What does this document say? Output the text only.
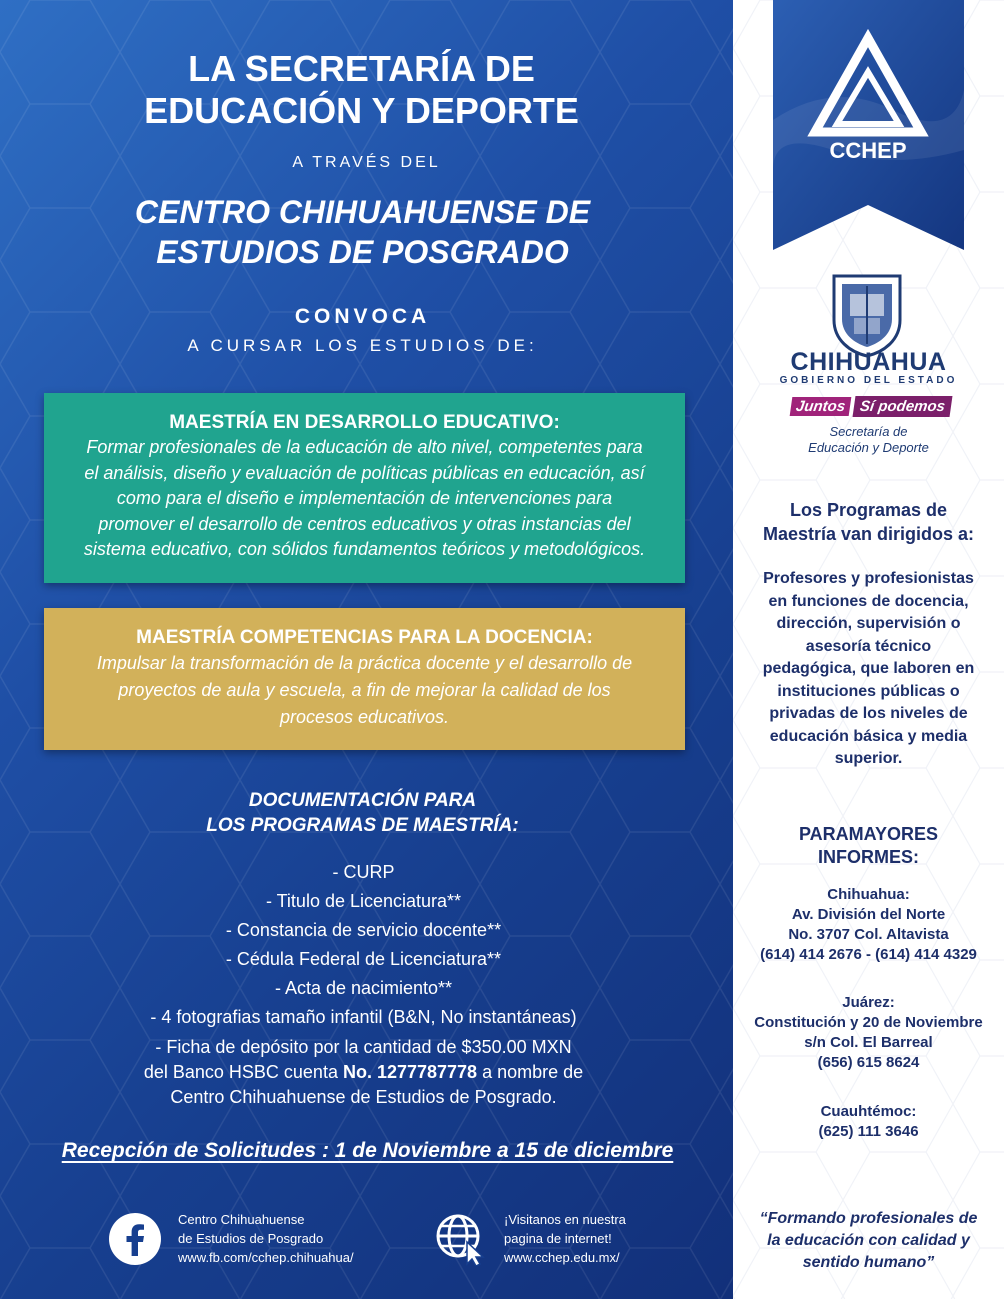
LA SECRETARÍA DE
EDUCACIÓN Y DEPORTE
A TRAVÉS DEL
CENTRO CHIHUAHUENSE DE
ESTUDIOS DE POSGRADO
CONVOCA
A CURSAR LOS ESTUDIOS DE:
MAESTRÍA EN DESARROLLO EDUCATIVO:

Formar profesionales de la educación de alto nivel, competentes para

el análisis, diseño y evaluación de políticas públicas en educación, así

como para el diseño e implementación de intervenciones para

promover el desarrollo de centros educativos y otras instancias del

sistema educativo, con sólidos fundamentos teóricos y metodológicos.

MAESTRÍA COMPETENCIAS PARA LA DOCENCIA:

Impulsar la transformación de la práctica docente y el desarrollo de

proyectos de aula y escuela, a fin de mejorar la calidad de los

procesos educativos.

DOCUMENTACIÓN PARA
LOS PROGRAMAS DE MAESTRÍA:
- CURP
- Titulo de Licenciatura**
- Constancia de servicio docente**
- Cédula Federal de Licenciatura**
- Acta de nacimiento**
- 4 fotografias tamaño infantil (B&N, No instantáneas)
- Ficha de depósito por la cantidad de $350.00 MXN
del Banco HSBC cuenta No. 1277787778 a nombre de
Centro Chihuahuense de Estudios de Posgrado.
Recepción de Solicitudes : 1 de Noviembre a 15 de diciembre
Centro Chihuahuense
de Estudios de Posgrado
www.fb.com/cchep.chihuahua/
¡Visitanos en nuestra
pagina de internet!
www.cchep.edu.mx/
CCHEP
CHIHUAHUA
GOBIERNO DEL ESTADO
Juntos Sí podemos
Secretaría de
Educación y Deporte
Los Programas de
Maestría van dirigidos a:
Profesores y profesionistas
en funciones de docencia,
dirección, supervisión o
asesoría técnico
pedagógica, que laboren en
instituciones públicas o
privadas de los niveles de
educación básica y media
superior.
PARAMAYORES
INFORMES:
Chihuahua:
Av. División del Norte
No. 3707 Col. Altavista
(614) 414 2676 - (614) 414 4329
Juárez:
Constitución y 20 de Noviembre
s/n Col. El Barreal
(656) 615 8624
Cuauhtémoc:
(625) 111 3646
“Formando profesionales de
la educación con calidad y
sentido humano”
